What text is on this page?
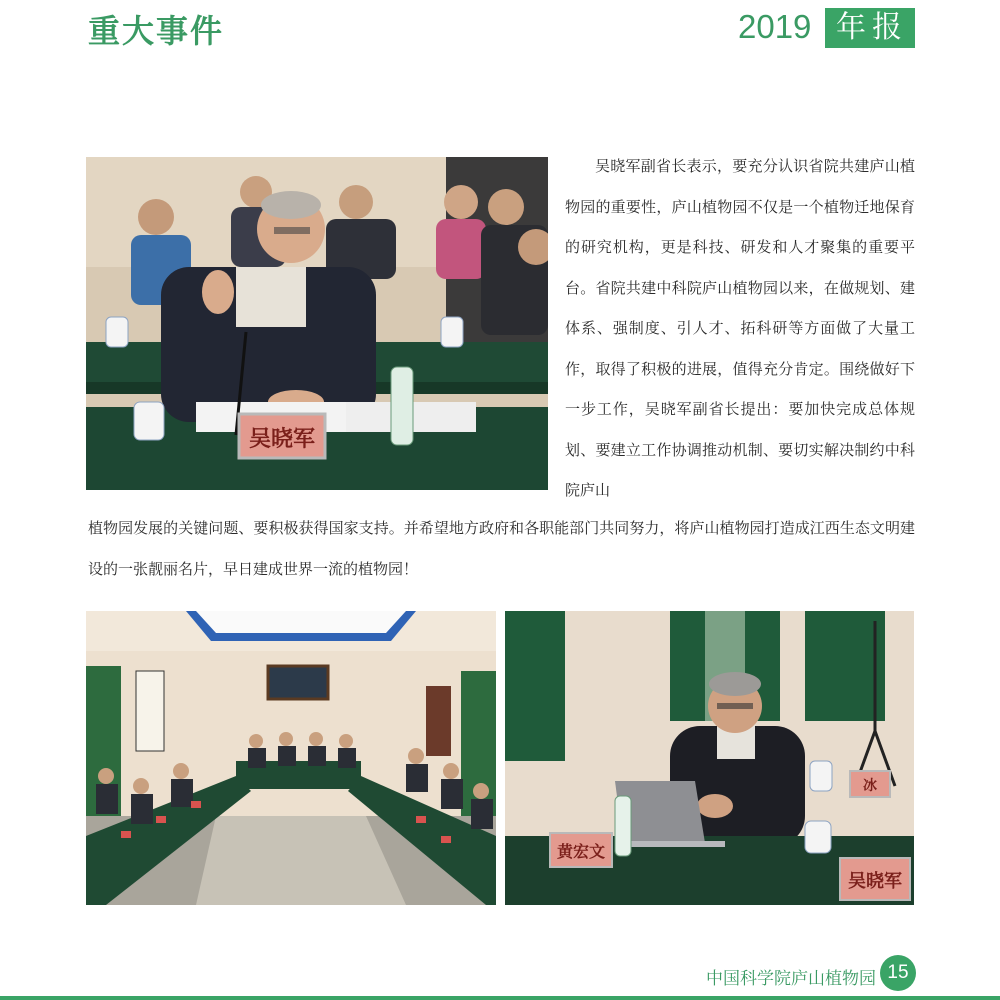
重大事件	2019 年报
吴晓军

吴晓军副省长表示，要充分认识省院共建庐山植物园的重要性，庐山植物园不仅是一个植物迁地保育的研究机构，更是科技、研发和人才聚集的重要平台。省院共建中科院庐山植物园以来，在做规划、建体系、强制度、引人才、拓科研等方面做了大量工作，取得了积极的进展，值得充分肯定。围绕做好下一步工作，吴晓军副省长提出：要加快完成总体规划、要建立工作协调推动机制、要切实解决制约中科院庐山

植物园发展的关键问题、要积极获得国家支持。并希望地方政府和各职能部门共同努力，将庐山植物园打造成江西生态文明建设的一张靓丽名片，早日建成世界一流的植物园！

黄宏文
吴晓军
冰
中国科学院庐山植物园 15
